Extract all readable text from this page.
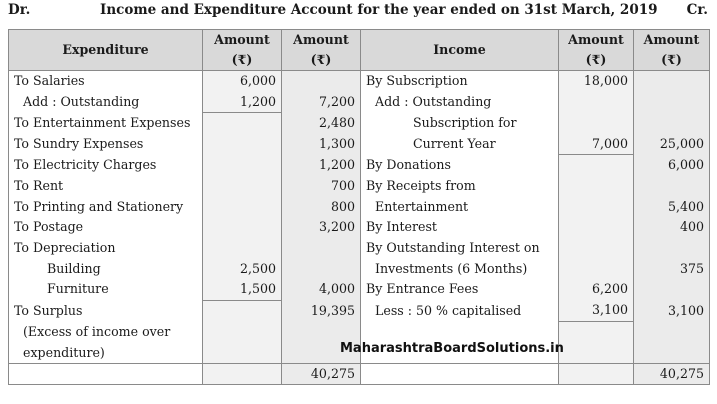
Dr.	Income and Expenditure Account for the year ended on 31st March, 2019 Cr.
Expenditure	Amount	Amount	Income	Amount	Amount
	(₹)	(₹)		(₹)	(₹)
To Salaries	6,000		By Subscription	18,000	
Add : Outstanding	1,200	7,200	Add : Outstanding		
To Entertainment Expenses		2,480	Subscription for		
To Sundry Expenses		1,300	Current Year	7,000	25,000
To Electricity Charges		1,200	By Donations		6,000
To Rent		700	By Receipts from		
To Printing and Stationery		800	Entertainment		5,400
To Postage		3,200	By Interest		400
To Depreciation			By Outstanding Interest on		
Building	2,500		Investments (6 Months)		375
Furniture	1,500	4,000	By Entrance Fees	6,200	
To Surplus		19,395	Less : 50 % capitalised	3,100	3,100
(Excess of income over					
expenditure)					
		40,275			40,275
MaharashtraBoardSolutions.in
